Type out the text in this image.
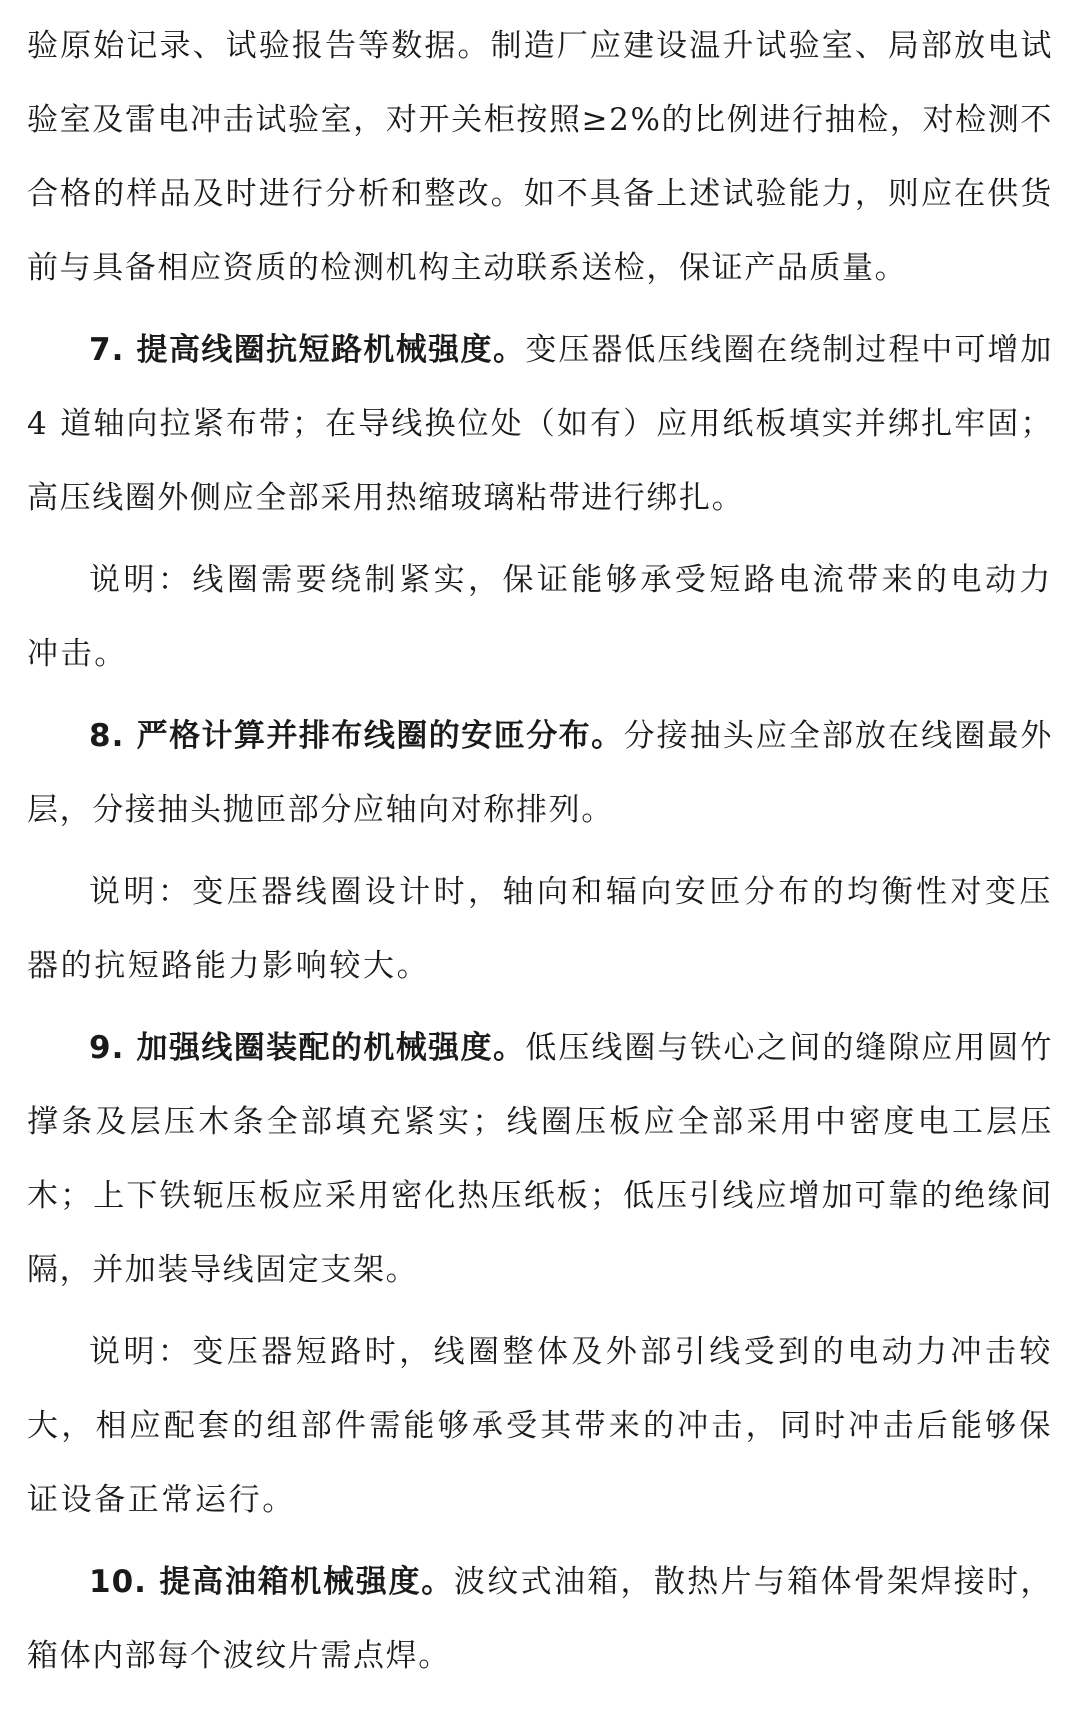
验原始记录、试验报告等数据。制造厂应建设温升试验室、局部放电试验室及雷电冲击试验室，对开关柜按照≥2%的比例进行抽检，对检测不合格的样品及时进行分析和整改。如不具备上述试验能力，则应在供货前与具备相应资质的检测机构主动联系送检，保证产品质量。

7. 提高线圈抗短路机械强度。变压器低压线圈在绕制过程中可增加 4 道轴向拉紧布带；在导线换位处（如有）应用纸板填实并绑扎牢固；高压线圈外侧应全部采用热缩玻璃粘带进行绑扎。

说明：线圈需要绕制紧实，保证能够承受短路电流带来的电动力冲击。

8. 严格计算并排布线圈的安匝分布。分接抽头应全部放在线圈最外层，分接抽头抛匝部分应轴向对称排列。

说明：变压器线圈设计时，轴向和辐向安匝分布的均衡性对变压器的抗短路能力影响较大。

9. 加强线圈装配的机械强度。低压线圈与铁心之间的缝隙应用圆竹撑条及层压木条全部填充紧实；线圈压板应全部采用中密度电工层压木；上下铁轭压板应采用密化热压纸板；低压引线应增加可靠的绝缘间隔，并加装导线固定支架。

说明：变压器短路时，线圈整体及外部引线受到的电动力冲击较大，相应配套的组部件需能够承受其带来的冲击，同时冲击后能够保证设备正常运行。

10. 提高油箱机械强度。波纹式油箱，散热片与箱体骨架焊接时，箱体内部每个波纹片需点焊。
